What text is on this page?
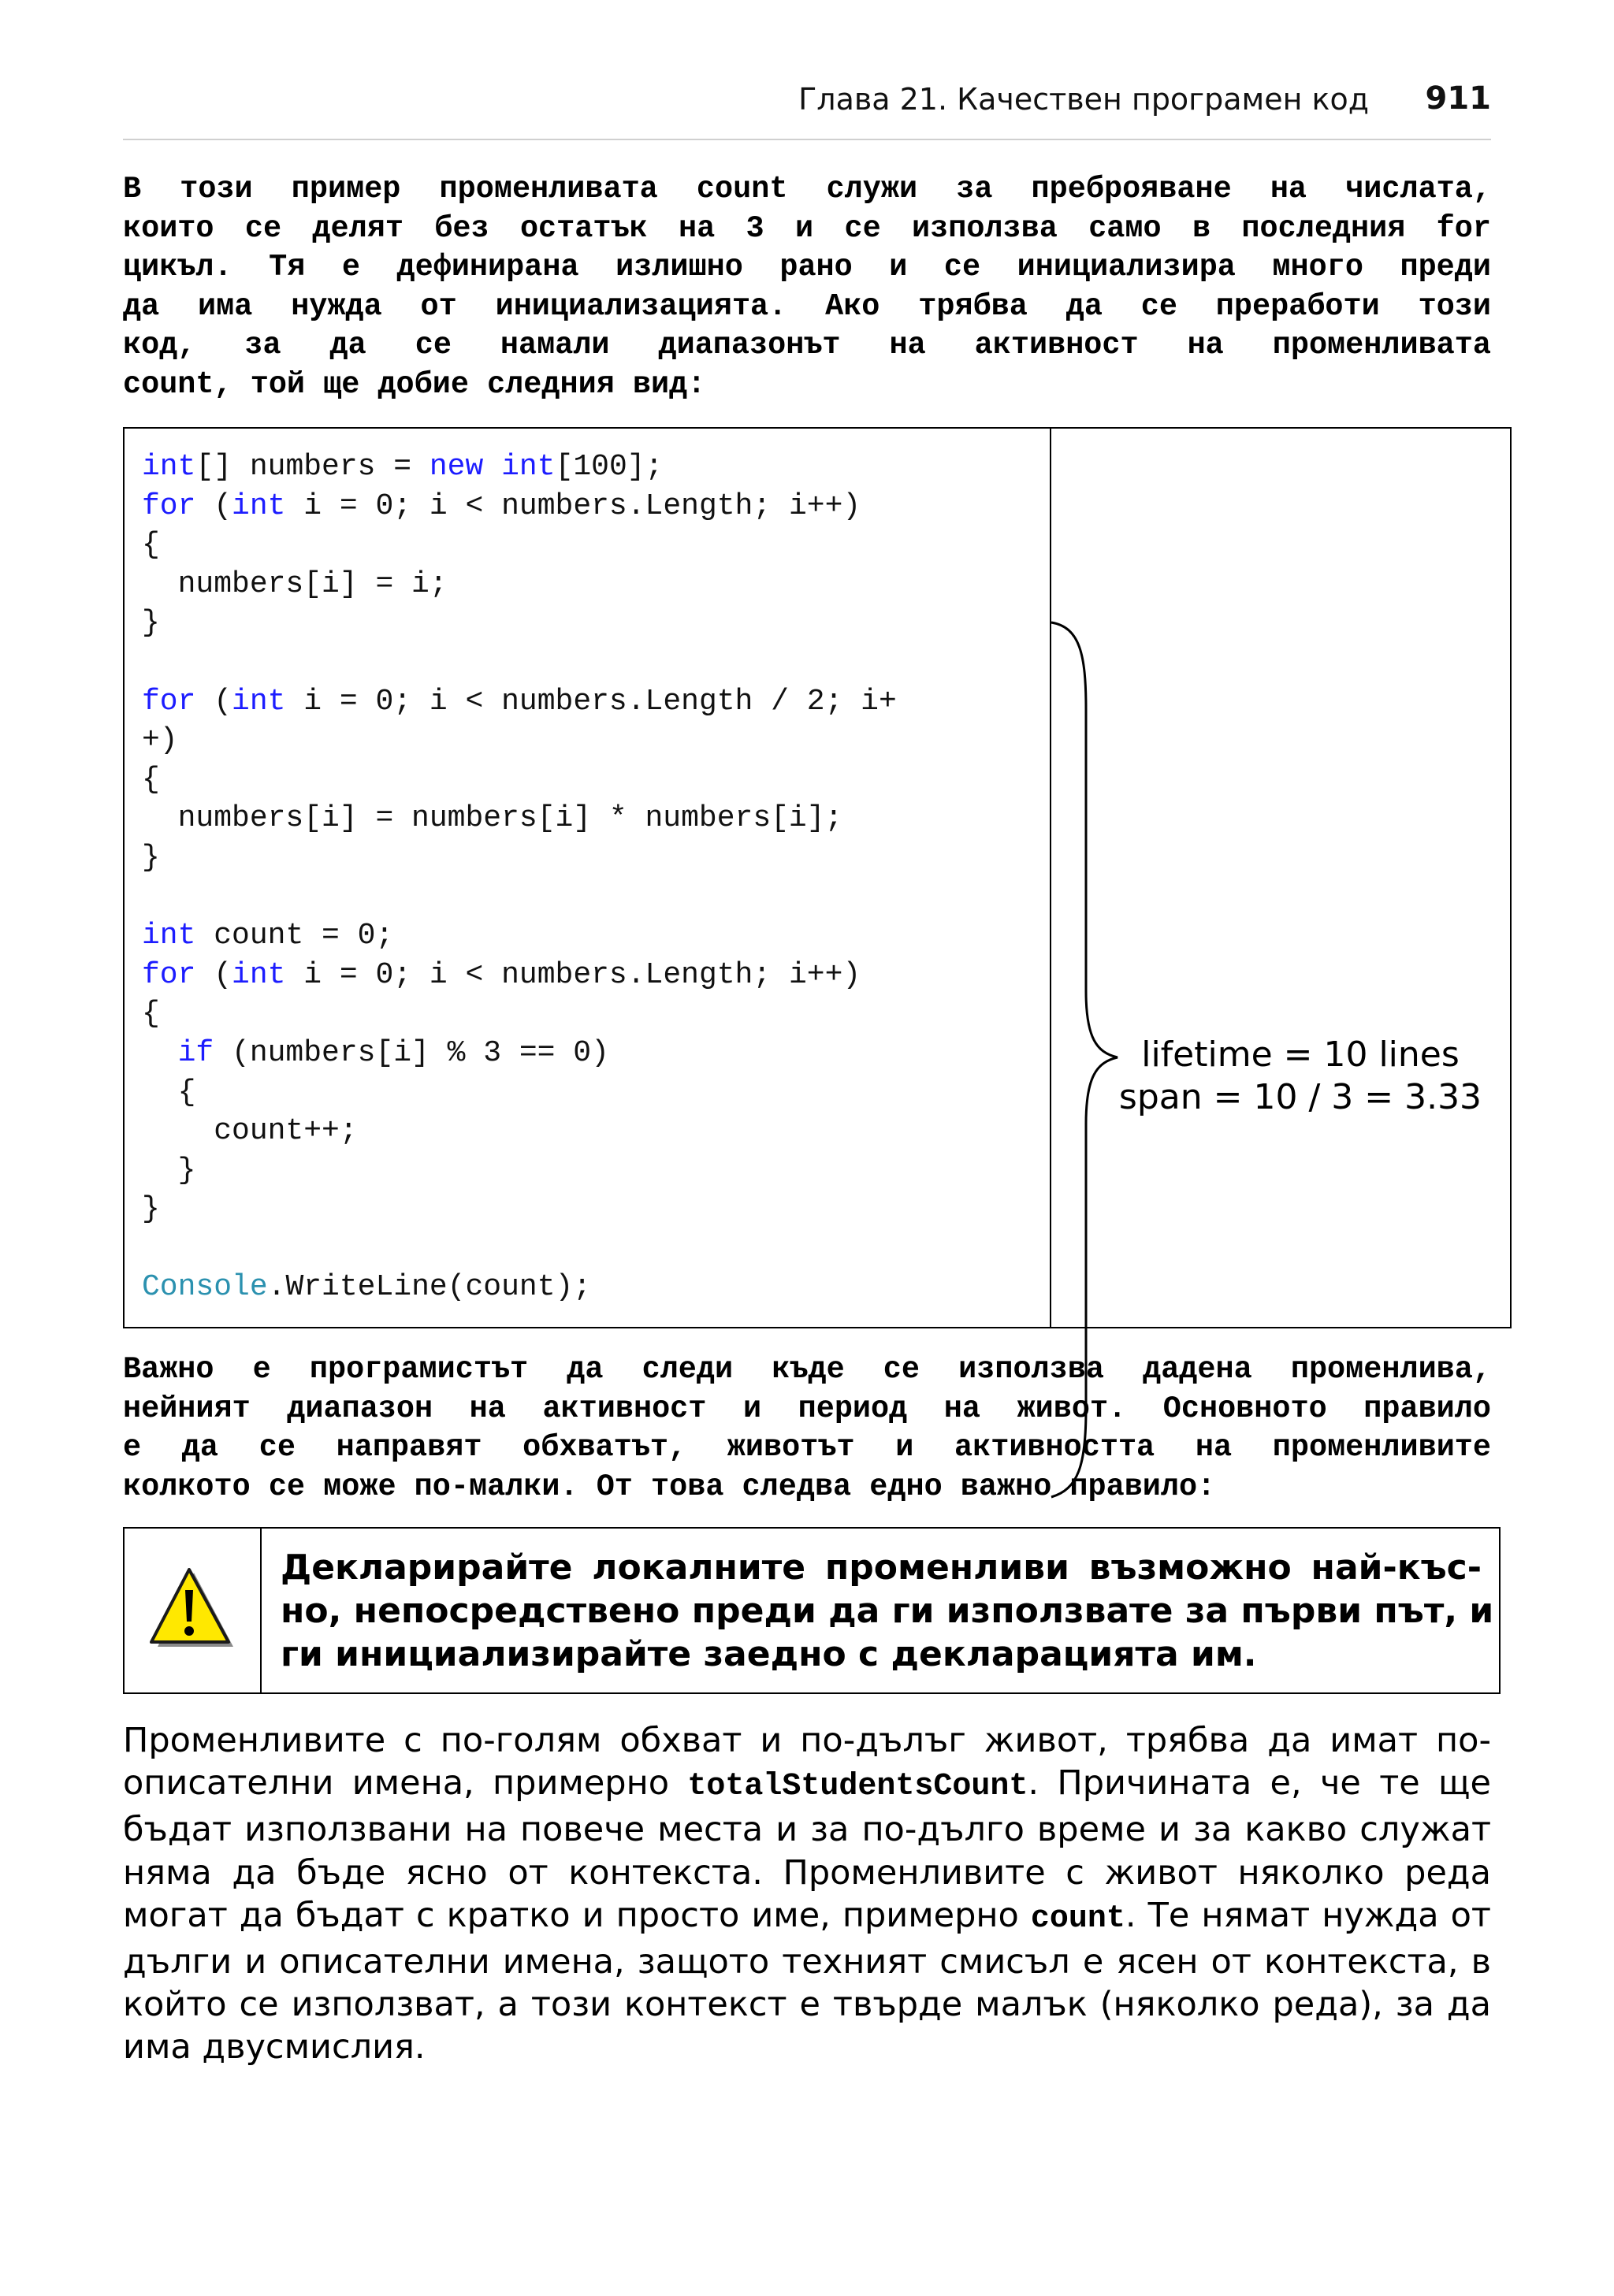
Глава 21. Качествен програмен код 911
В този пример променливата count служи за преброяване на числата,
които се делят без остатък на 3 и се използва само в последния for
цикъл. Тя е дефинирана излишно рано и се инициализира много преди
да има нужда от инициализацията. Ако трябва да се преработи този
код, за да се намали диапазонът на активност на променливата
count, той ще добие следния вид:
int[] numbers = new int[100];
for (int i = 0; i < numbers.Length; i++)
{
numbers[i] = i;
}

for (int i = 0; i < numbers.Length / 2; i+
+)
{
numbers[i] = numbers[i] * numbers[i];
}

int count = 0;
for (int i = 0; i < numbers.Length; i++)
{
if (numbers[i] % 3 == 0)
{
count++;
}
}

Console.WriteLine(count);
lifetime = 10 lines
span = 10 / 3 = 3.33
Важно е програмистът да следи къде се използва дадена променлива,
нейният диапазон на активност и период на живот. Основното правило
е да се направят обхватът, животът и активността на променливите
колкото се може по-малки. От това следва едно важно правило:
Декларирайте локалните променливи възможно най-къс-
но, непосредствено преди да ги използвате за първи път, и
ги инициализирайте заедно с декларацията им.
Променливите с по-голям обхват и по-дълъг живот, трябва да имат по-
описателни имена, примерно totalStudentsCount. Причината е, че те ще
бъдат използвани на повече места и за по-дълго време и за какво служат
няма да бъде ясно от контекста. Променливите с живот няколко реда
могат да бъдат с кратко и просто име, примерно count. Те нямат нужда от
дълги и описателни имена, защото техният смисъл е ясен от контекста, в
който се използват, а този контекст е твърде малък (няколко реда), за да
има двусмислия.
